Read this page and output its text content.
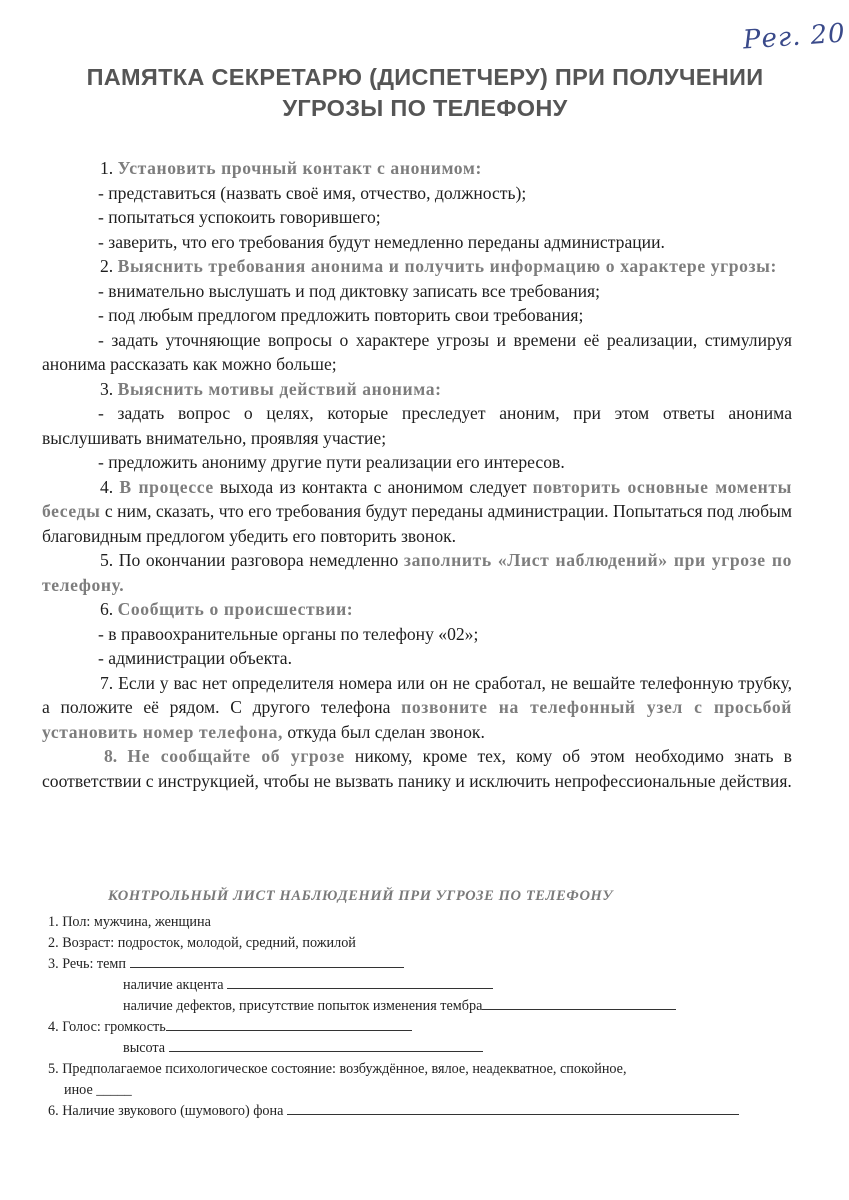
Рег. 20
ПАМЯТКА СЕКРЕТАРЮ (ДИСПЕТЧЕРУ) ПРИ ПОЛУЧЕНИИ УГРОЗЫ ПО ТЕЛЕФОНУ

1. Установить прочный контакт с анонимом:

- представиться (назвать своё имя, отчество, должность);

- попытаться успокоить говорившего;

- заверить, что его требования будут немедленно переданы администрации.

2. Выяснить требования анонима и получить информацию о характере угрозы:

- внимательно выслушать и под диктовку записать все требования;

- под любым предлогом предложить повторить свои требования;

- задать уточняющие вопросы о характере угрозы и времени её реализации, стимулируя анонима рассказать как можно больше;

3. Выяснить мотивы действий анонима:

- задать вопрос о целях, которые преследует аноним, при этом ответы анонима выслушивать внимательно, проявляя участие;

- предложить анониму другие пути реализации его интересов.

4. В процессе выхода из контакта с анонимом следует повторить основные моменты беседы с ним, сказать, что его требования будут переданы администрации. Попытаться под любым благовидным предлогом убедить его повторить звонок.

5. По окончании разговора немедленно заполнить «Лист наблюдений» при угрозе по телефону.

6. Сообщить о происшествии:

- в правоохранительные органы по телефону «02»;

- администрации объекта.

7. Если у вас нет определителя номера или он не сработал, не вешайте телефонную трубку, а положите её рядом. С другого телефона позвоните на телефонный узел с просьбой установить номер телефона, откуда был сделан звонок.

8. Не сообщайте об угрозе никому, кроме тех, кому об этом необходимо знать в соответствии с инструкцией, чтобы не вызвать панику и исключить непрофессиональные действия.

КОНТРОЛЬНЫЙ ЛИСТ НАБЛЮДЕНИЙ ПРИ УГРОЗЕ ПО ТЕЛЕФОНУ
1. Пол: мужчина, женщина
2. Возраст: подросток, молодой, средний, пожилой
3. Речь: темп
наличие акцента
наличие дефектов, присутствие попыток изменения тембра
4. Голос: громкость
высота
5. Предполагаемое психологическое состояние: возбуждённое, вялое, неадекватное, спокойное,
иное _____
6. Наличие звукового (шумового) фона
